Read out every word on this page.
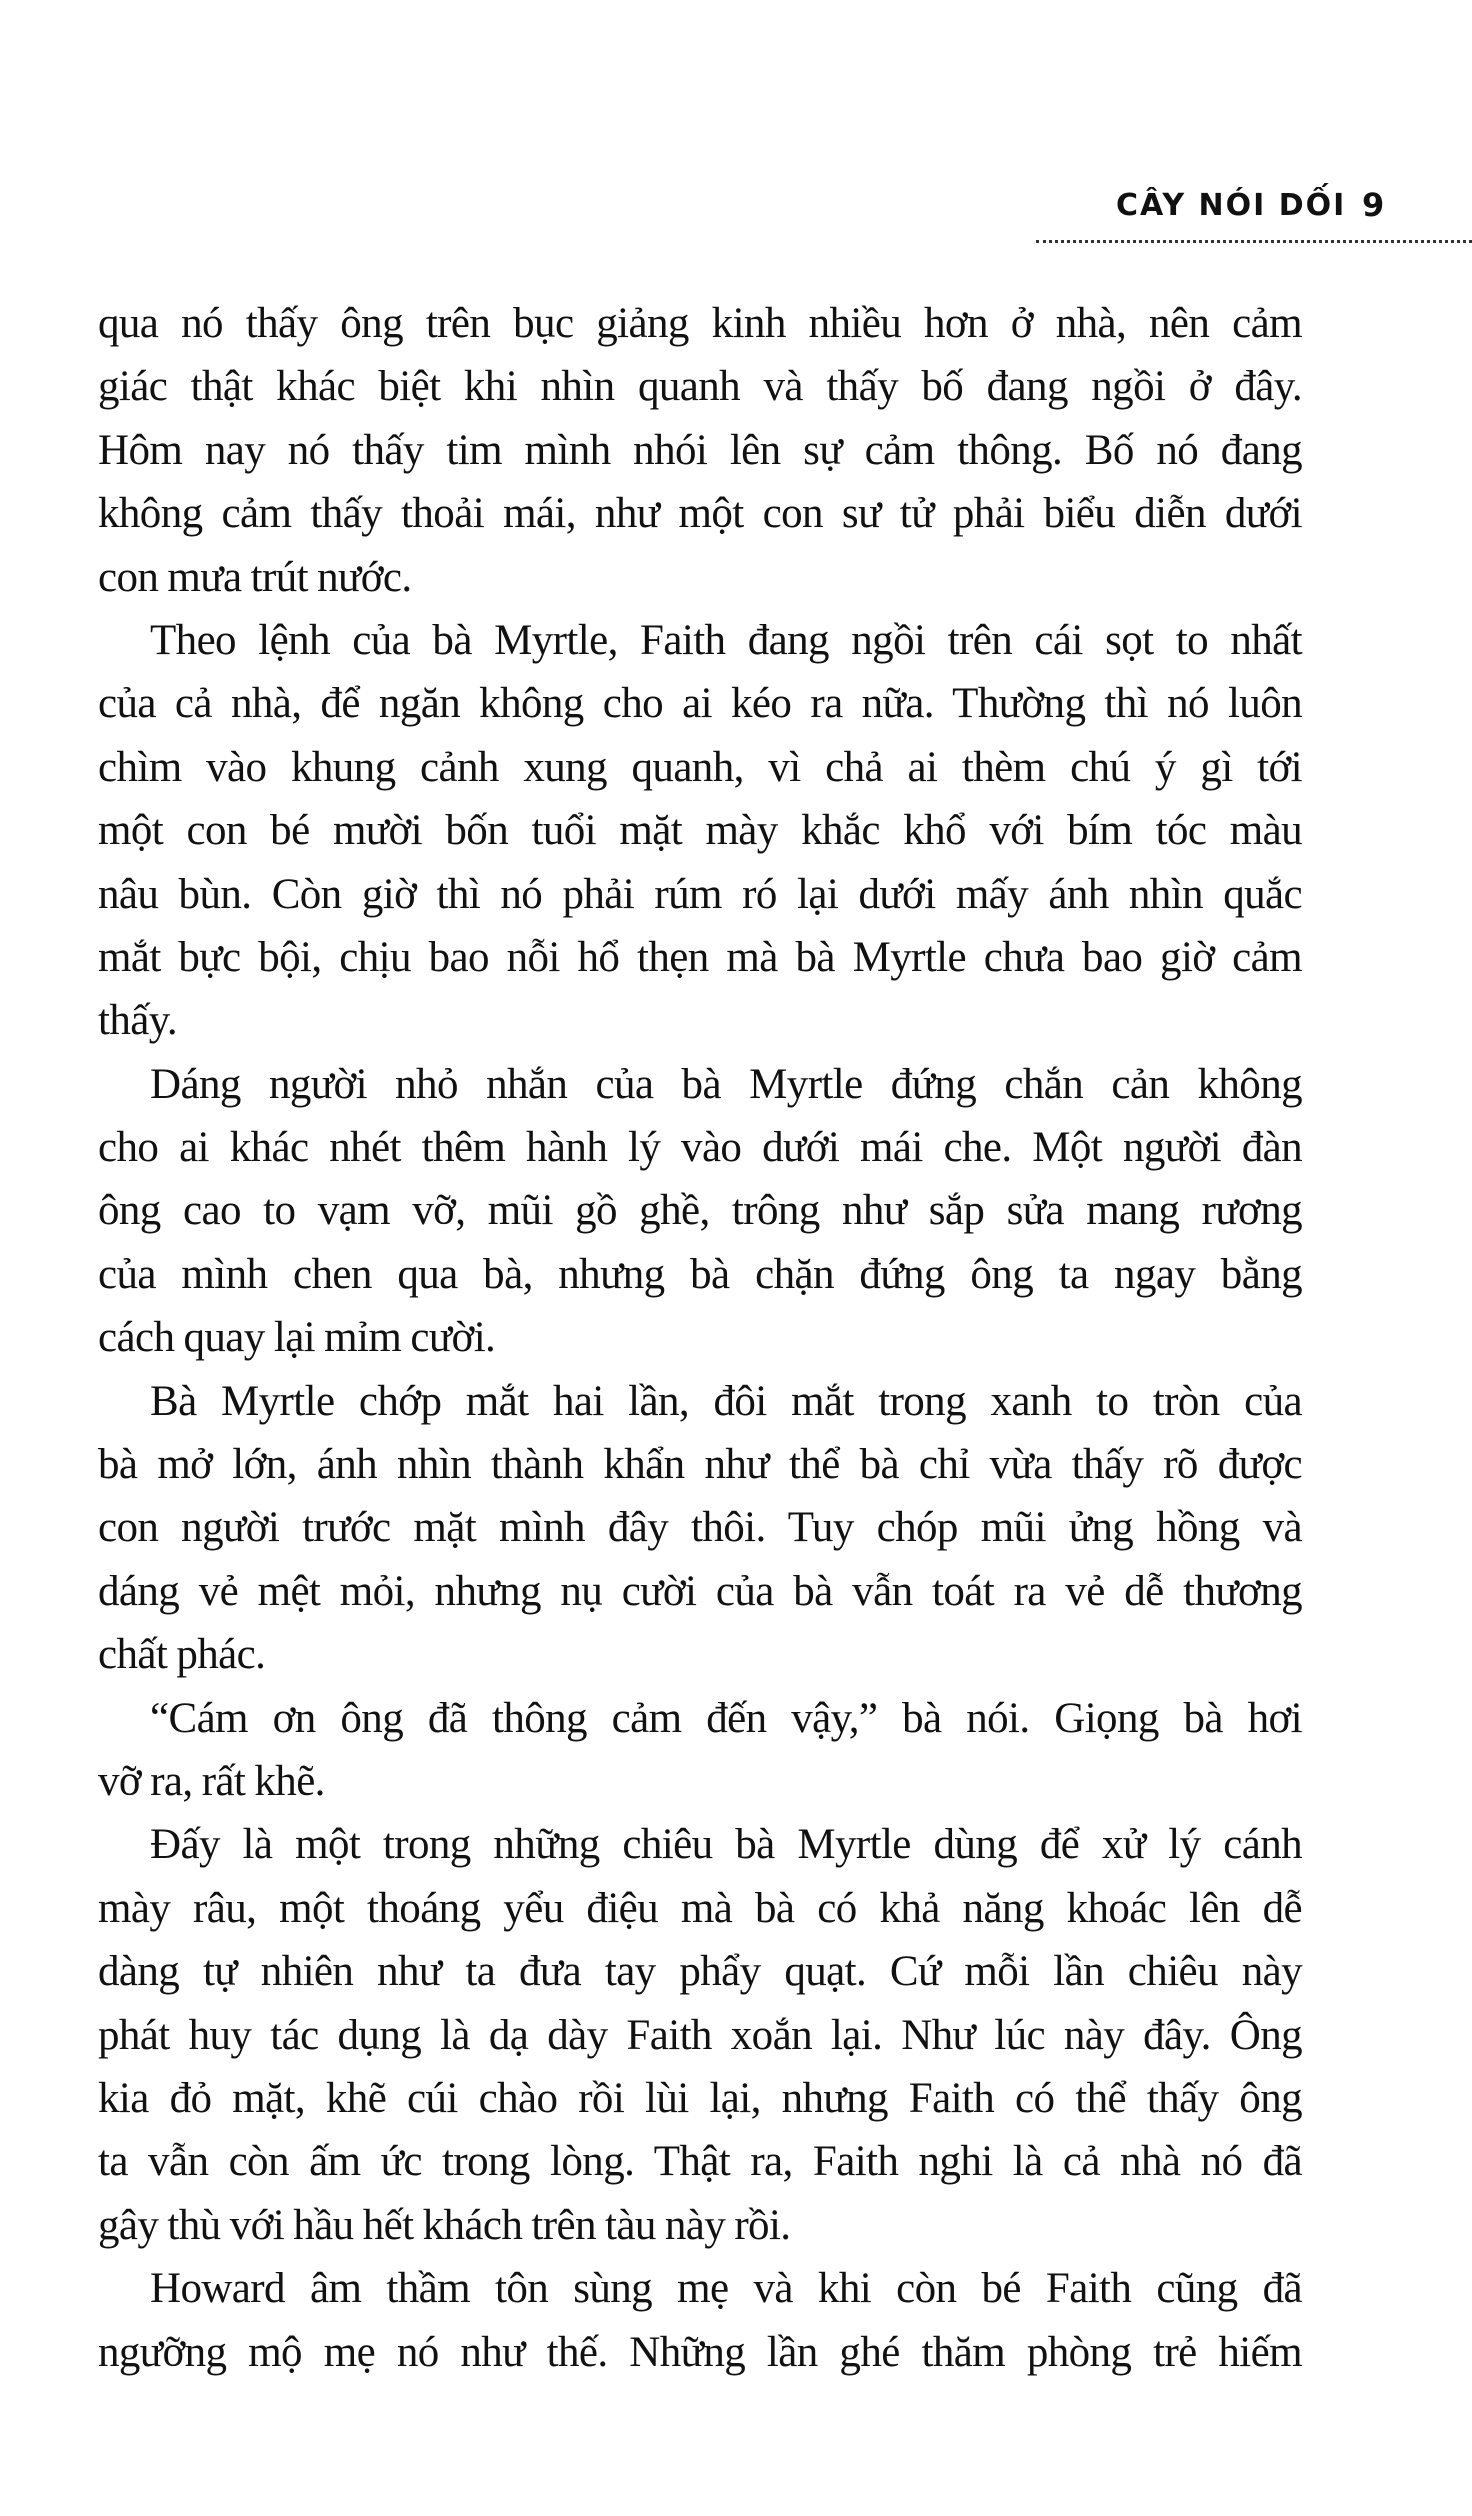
CÂY NÓI DỐI 9
qua nó thấy ông trên bục giảng kinh nhiều hơn ở nhà, nên cảm
giác thật khác biệt khi nhìn quanh và thấy bố đang ngồi ở đây.
Hôm nay nó thấy tim mình nhói lên sự cảm thông. Bố nó đang
không cảm thấy thoải mái, như một con sư tử phải biểu diễn dưới
con mưa trút nước.
Theo lệnh của bà Myrtle, Faith đang ngồi trên cái sọt to nhất
của cả nhà, để ngăn không cho ai kéo ra nữa. Thường thì nó luôn
chìm vào khung cảnh xung quanh, vì chả ai thèm chú ý gì tới
một con bé mười bốn tuổi mặt mày khắc khổ với bím tóc màu
nâu bùn. Còn giờ thì nó phải rúm ró lại dưới mấy ánh nhìn quắc
mắt bực bội, chịu bao nỗi hổ thẹn mà bà Myrtle chưa bao giờ cảm
thấy.
Dáng người nhỏ nhắn của bà Myrtle đứng chắn cản không
cho ai khác nhét thêm hành lý vào dưới mái che. Một người đàn
ông cao to vạm vỡ, mũi gồ ghề, trông như sắp sửa mang rương
của mình chen qua bà, nhưng bà chặn đứng ông ta ngay bằng
cách quay lại mỉm cười.
Bà Myrtle chớp mắt hai lần, đôi mắt trong xanh to tròn của
bà mở lớn, ánh nhìn thành khẩn như thể bà chỉ vừa thấy rõ được
con người trước mặt mình đây thôi. Tuy chóp mũi ửng hồng và
dáng vẻ mệt mỏi, nhưng nụ cười của bà vẫn toát ra vẻ dễ thương
chất phác.
“Cám ơn ông đã thông cảm đến vậy,” bà nói. Giọng bà hơi
vỡ ra, rất khẽ.
Đấy là một trong những chiêu bà Myrtle dùng để xử lý cánh
mày râu, một thoáng yểu điệu mà bà có khả năng khoác lên dễ
dàng tự nhiên như ta đưa tay phẩy quạt. Cứ mỗi lần chiêu này
phát huy tác dụng là dạ dày Faith xoắn lại. Như lúc này đây. Ông
kia đỏ mặt, khẽ cúi chào rồi lùi lại, nhưng Faith có thể thấy ông
ta vẫn còn ấm ức trong lòng. Thật ra, Faith nghi là cả nhà nó đã
gây thù với hầu hết khách trên tàu này rồi.
Howard âm thầm tôn sùng mẹ và khi còn bé Faith cũng đã
ngưỡng mộ mẹ nó như thế. Những lần ghé thăm phòng trẻ hiếm
